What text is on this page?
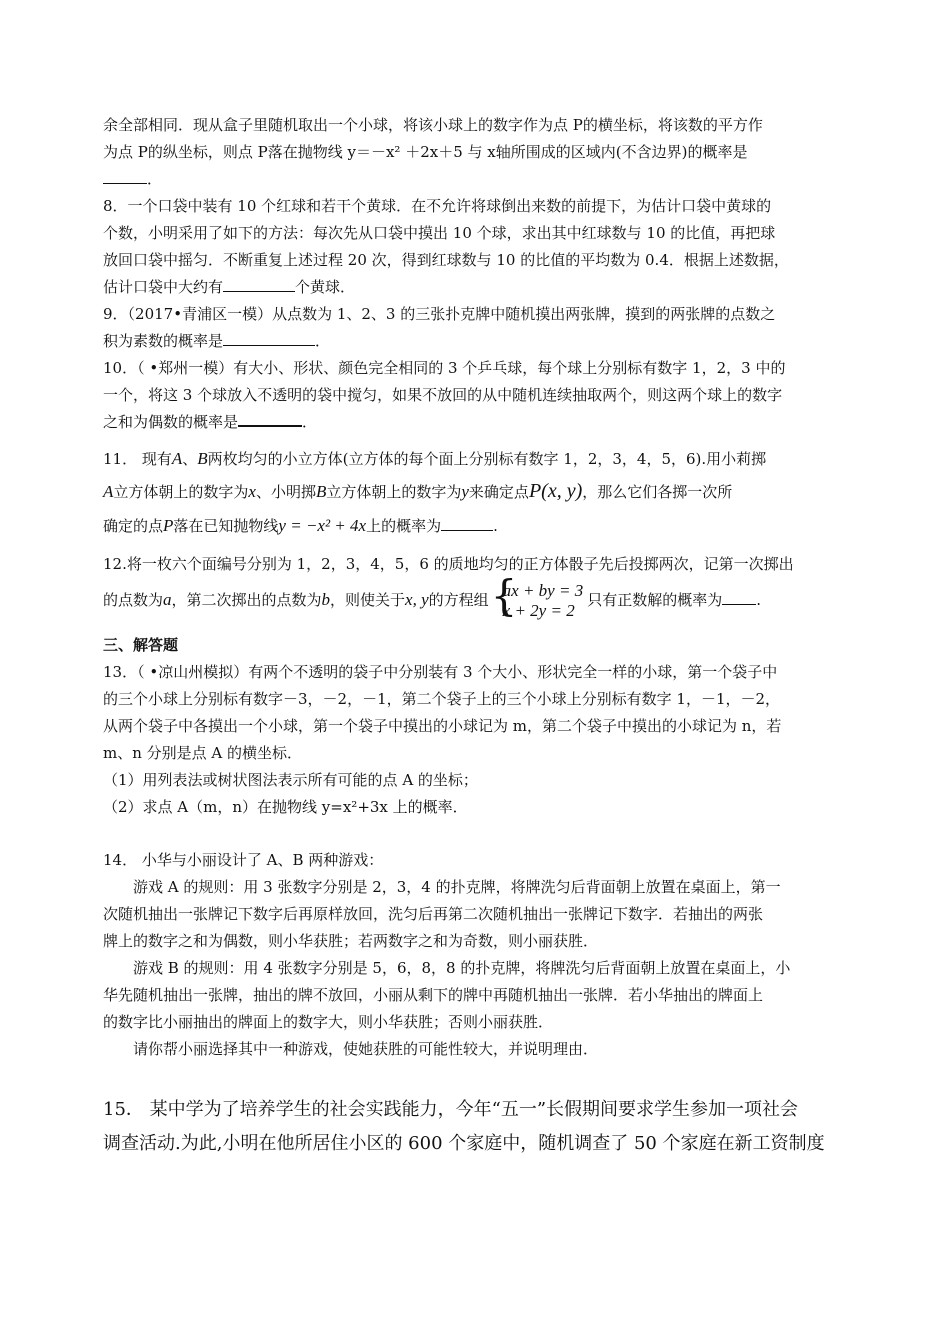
余全部相同．现从盒子里随机取出一个小球，将该小球上的数字作为点 P的横坐标，将该数的平方作

为点 P的纵坐标，则点 P落在抛物线 y＝－x² ＋2x＋5 与 x轴所围成的区域内(不含边界)的概率是

．

8．一个口袋中装有 10 个红球和若干个黄球．在不允许将球倒出来数的前提下，为估计口袋中黄球的

个数，小明采用了如下的方法：每次先从口袋中摸出 10 个球，求出其中红球数与 10 的比值，再把球

放回口袋中摇匀．不断重复上述过程 20 次，得到红球数与 10 的比值的平均数为 0.4．根据上述数据，

估计口袋中大约有	个黄球．

9．（2017•青浦区一模）从点数为 1、2、3 的三张扑克牌中随机摸出两张牌，摸到的两张牌的点数之

积为素数的概率是	．

10．（ •郑州一模）有大小、形状、颜色完全相同的 3 个乒乓球，每个球上分别标有数字 1，2，3 中的

一个，将这 3 个球放入不透明的袋中搅匀，如果不放回的从中随机连续抽取两个，则这两个球上的数字

之和为偶数的概率是	．

11． 现有A、B两枚均匀的小立方体(立方体的每个面上分别标有数字 1，2，3，4，5，6).用小莉掷

A立方体朝上的数字为x、小明掷B立方体朝上的数字为y来确定点P(x, y)，那么它们各掷一次所

确定的点P落在已知抛物线y = −x² + 4x上的概率为	.

12.将一枚六个面编号分别为 1，2，3，4，5，6 的质地均匀的正方体骰子先后投掷两次，记第一次掷出

的点数为a，第二次掷出的点数为b，则使关于x, y的方程组 {
ax + by = 3
x + 2y = 2
只有正数解的概率为 .

三、解答题

13．（ •凉山州模拟）有两个不透明的袋子中分别装有 3 个大小、形状完全一样的小球，第一个袋子中

的三个小球上分别标有数字－3，－2，－1，第二个袋子上的三个小球上分别标有数字 1，－1，－2，

从两个袋子中各摸出一个小球，第一个袋子中摸出的小球记为 m，第二个袋子中摸出的小球记为 n，若

m、n 分别是点 A 的横坐标．

（1）用列表法或树状图法表示所有可能的点 A 的坐标；

（2）求点 A（m，n）在抛物线 y=x²+3x 上的概率．

14． 小华与小丽设计了 A、B 两种游戏：

游戏 A 的规则：用 3 张数字分别是 2，3，4 的扑克牌，将牌洗匀后背面朝上放置在桌面上，第一

次随机抽出一张牌记下数字后再原样放回，洗匀后再第二次随机抽出一张牌记下数字．若抽出的两张

牌上的数字之和为偶数，则小华获胜；若两数字之和为奇数，则小丽获胜．

游戏 B 的规则：用 4 张数字分别是 5，6，8，8 的扑克牌，将牌洗匀后背面朝上放置在桌面上，小

华先随机抽出一张牌，抽出的牌不放回，小丽从剩下的牌中再随机抽出一张牌．若小华抽出的牌面上

的数字比小丽抽出的牌面上的数字大，则小华获胜；否则小丽获胜．

请你帮小丽选择其中一种游戏，使她获胜的可能性较大，并说明理由．

15． 某中学为了培养学生的社会实践能力，今年“五一”长假期间要求学生参加一项社会

调查活动.为此,小明在他所居住小区的 600 个家庭中，随机调查了 50 个家庭在新工资制度
